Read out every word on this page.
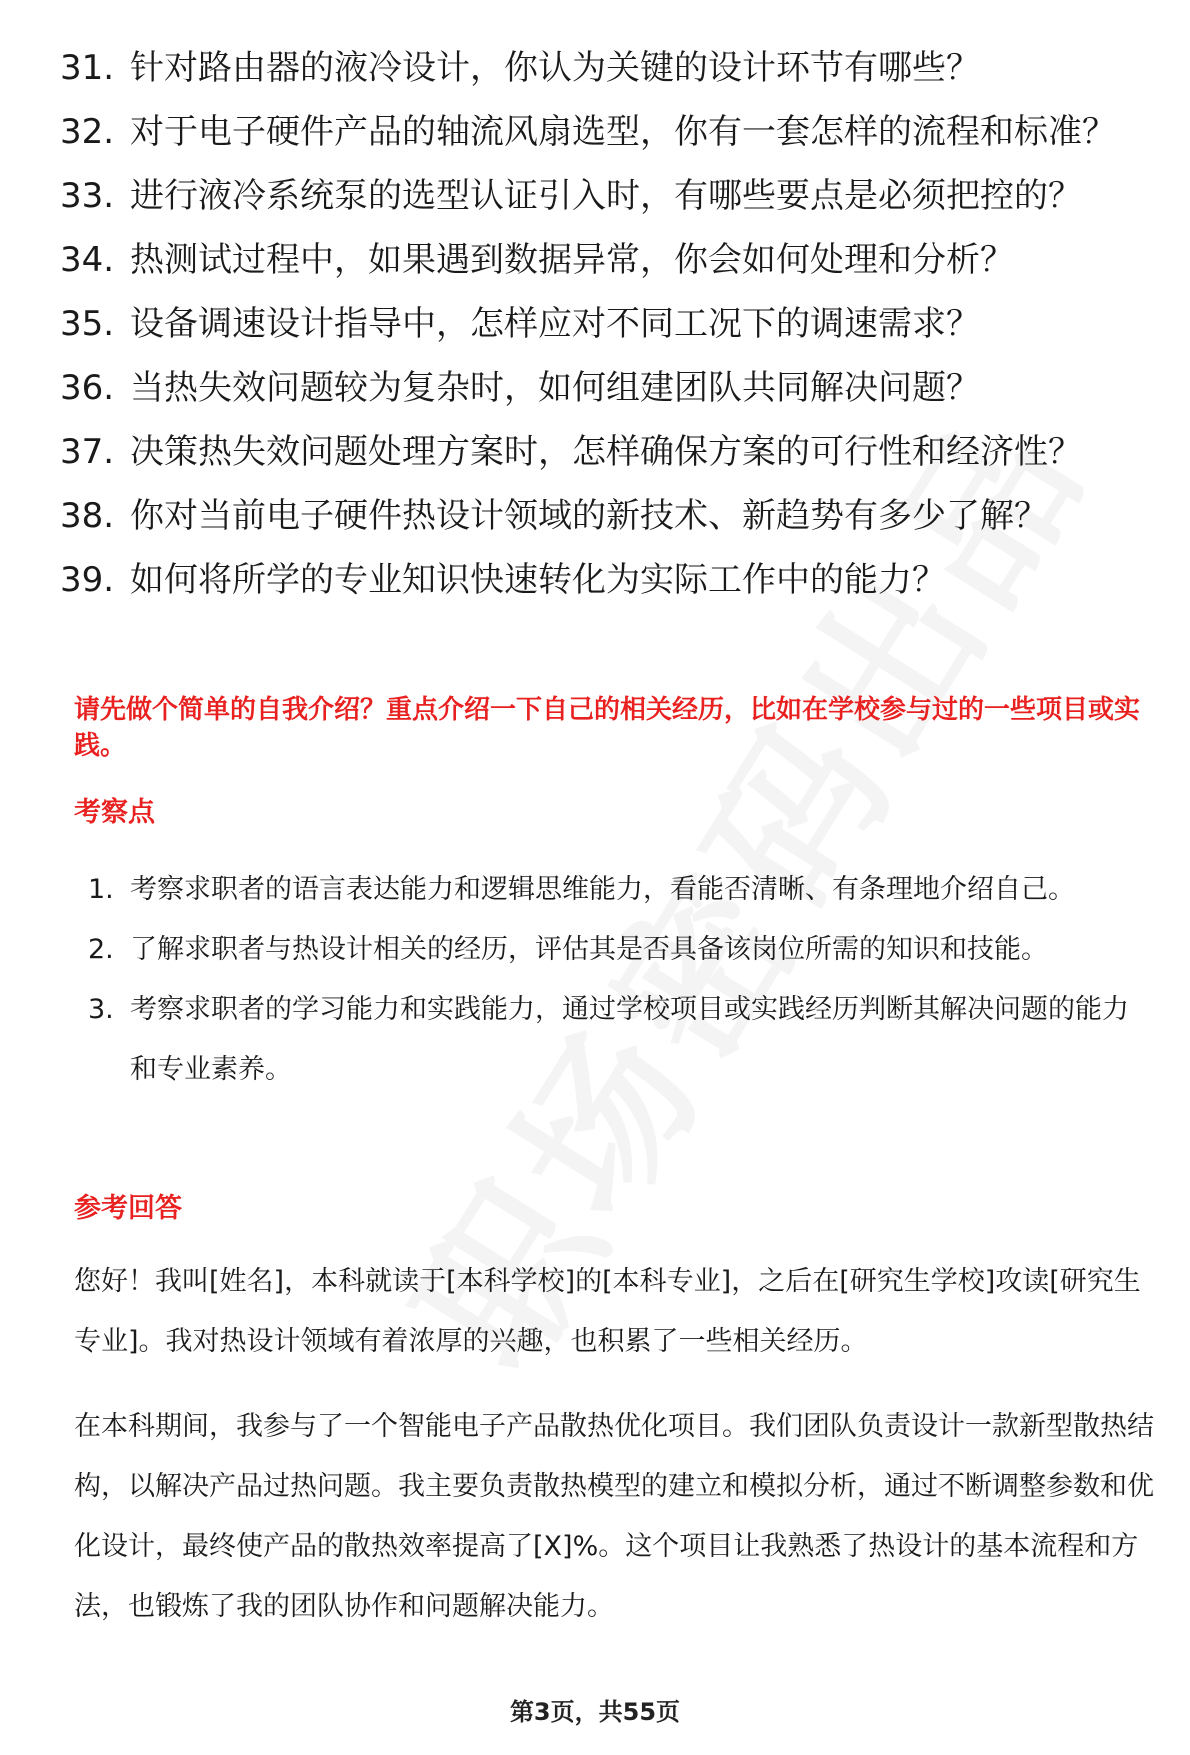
31. 针对路由器的液冷设计，你认为关键的设计环节有哪些？
32. 对于电子硬件产品的轴流风扇选型，你有一套怎样的流程和标准？
33. 进行液冷系统泵的选型认证引入时，有哪些要点是必须把控的？
34. 热测试过程中，如果遇到数据异常，你会如何处理和分析？
35. 设备调速设计指导中，怎样应对不同工况下的调速需求？
36. 当热失效问题较为复杂时，如何组建团队共同解决问题？
37. 决策热失效问题处理方案时，怎样确保方案的可行性和经济性？
38. 你对当前电子硬件热设计领域的新技术、新趋势有多少了解？
39. 如何将所学的专业知识快速转化为实际工作中的能力？
请先做个简单的自我介绍？重点介绍一下自己的相关经历，比如在学校参与过的一些项目或实践。
考察点
1. 考察求职者的语言表达能力和逻辑思维能力，看能否清晰、有条理地介绍自己。
2. 了解求职者与热设计相关的经历，评估其是否具备该岗位所需的知识和技能。
3. 考察求职者的学习能力和实践能力，通过学校项目或实践经历判断其解决问题的能力和专业素养。
参考回答

您好！我叫[姓名]，本科就读于[本科学校]的[本科专业]，之后在[研究生学校]攻读[研究生专业]。我对热设计领域有着浓厚的兴趣，也积累了一些相关经历。

在本科期间，我参与了一个智能电子产品散热优化项目。我们团队负责设计一款新型散热结构，以解决产品过热问题。我主要负责散热模型的建立和模拟分析，通过不断调整参数和优化设计，最终使产品的散热效率提高了[X]%。这个项目让我熟悉了热设计的基本流程和方法，也锻炼了我的团队协作和问题解决能力。

第3页，共55页
